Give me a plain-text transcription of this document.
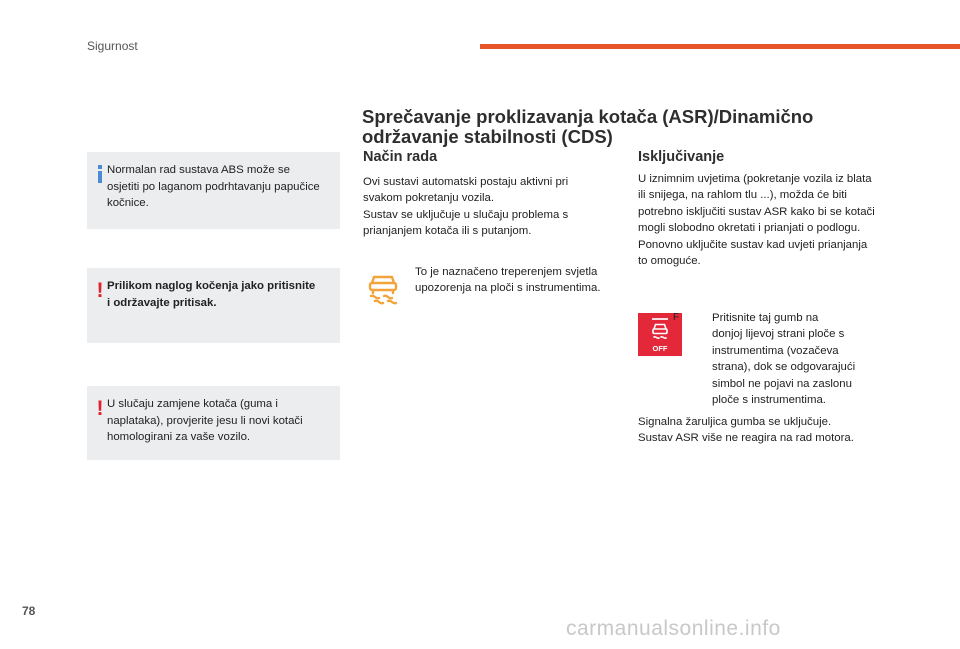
Sigurnost
Normalan rad sustava ABS može se
osjetiti po laganom podrhtavanju papučice
kočnice.
! Prilikom naglog kočenja jako pritisnite
i održavajte pritisak.
! U slučaju zamjene kotača (guma i
naplataka), provjerite jesu li novi kotači
homologirani za vaše vozilo.
Sprečavanje proklizavanja kotača (ASR)/Dinamično
održavanje stabilnosti (CDS)
Način rada
Ovi sustavi automatski postaju aktivni pri
svakom pokretanju vozila.
Sustav se uključuje u slučaju problema s
prianjanjem kotača ili s putanjom.
To je naznačeno treperenjem svjetla
upozorenja na ploči s instrumentima.
Isključivanje
U iznimnim uvjetima (pokretanje vozila iz blata
ili snijega, na rahlom tlu ...), možda će biti
potrebno isključiti sustav ASR kako bi se kotači
mogli slobodno okretati i prianjati o podlogu.
Ponovno uključite sustav kad uvjeti prianjanja
to omoguće.
OFF
F	Pritisnite taj gumb na
donjoj lijevoj strani ploče s
instrumentima (vozačeva
strana), dok se odgovarajući
simbol ne pojavi na zaslonu
ploče s instrumentima.
Signalna žaruljica gumba se uključuje.
Sustav ASR više ne reagira na rad motora.
78
carmanualsonline.info
